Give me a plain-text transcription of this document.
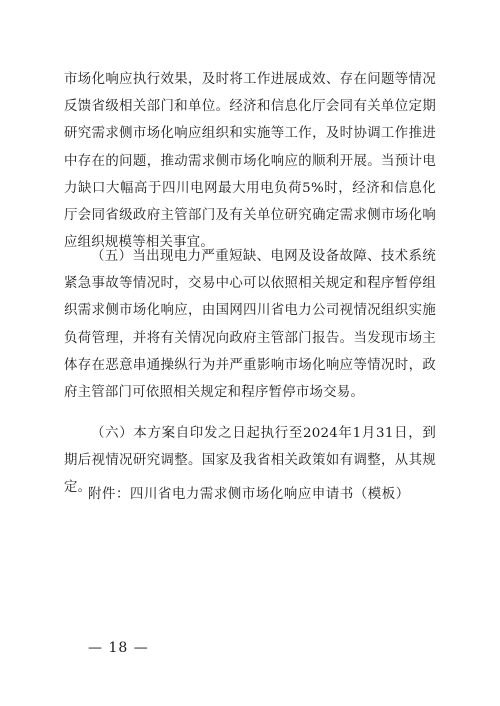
市场化响应执行效果，及时将工作进展成效、存在问题等情况反馈省级相关部门和单位。经济和信息化厅会同有关单位定期研究需求侧市场化响应组织和实施等工作，及时协调工作推进中存在的问题，推动需求侧市场化响应的顺利开展。当预计电力缺口大幅高于四川电网最大用电负荷5%时，经济和信息化厅会同省级政府主管部门及有关单位研究确定需求侧市场化响应组织规模等相关事宜。

（五）当出现电力严重短缺、电网及设备故障、技术系统紧急事故等情况时，交易中心可以依照相关规定和程序暂停组织需求侧市场化响应，由国网四川省电力公司视情况组织实施负荷管理，并将有关情况向政府主管部门报告。当发现市场主体存在恶意串通操纵行为并严重影响市场化响应等情况时，政府主管部门可依照相关规定和程序暂停市场交易。

（六）本方案自印发之日起执行至2024年1月31日，到期后视情况研究调整。国家及我省相关政策如有调整，从其规定。

附件：四川省电力需求侧市场化响应申请书（模板）
— 18 —
